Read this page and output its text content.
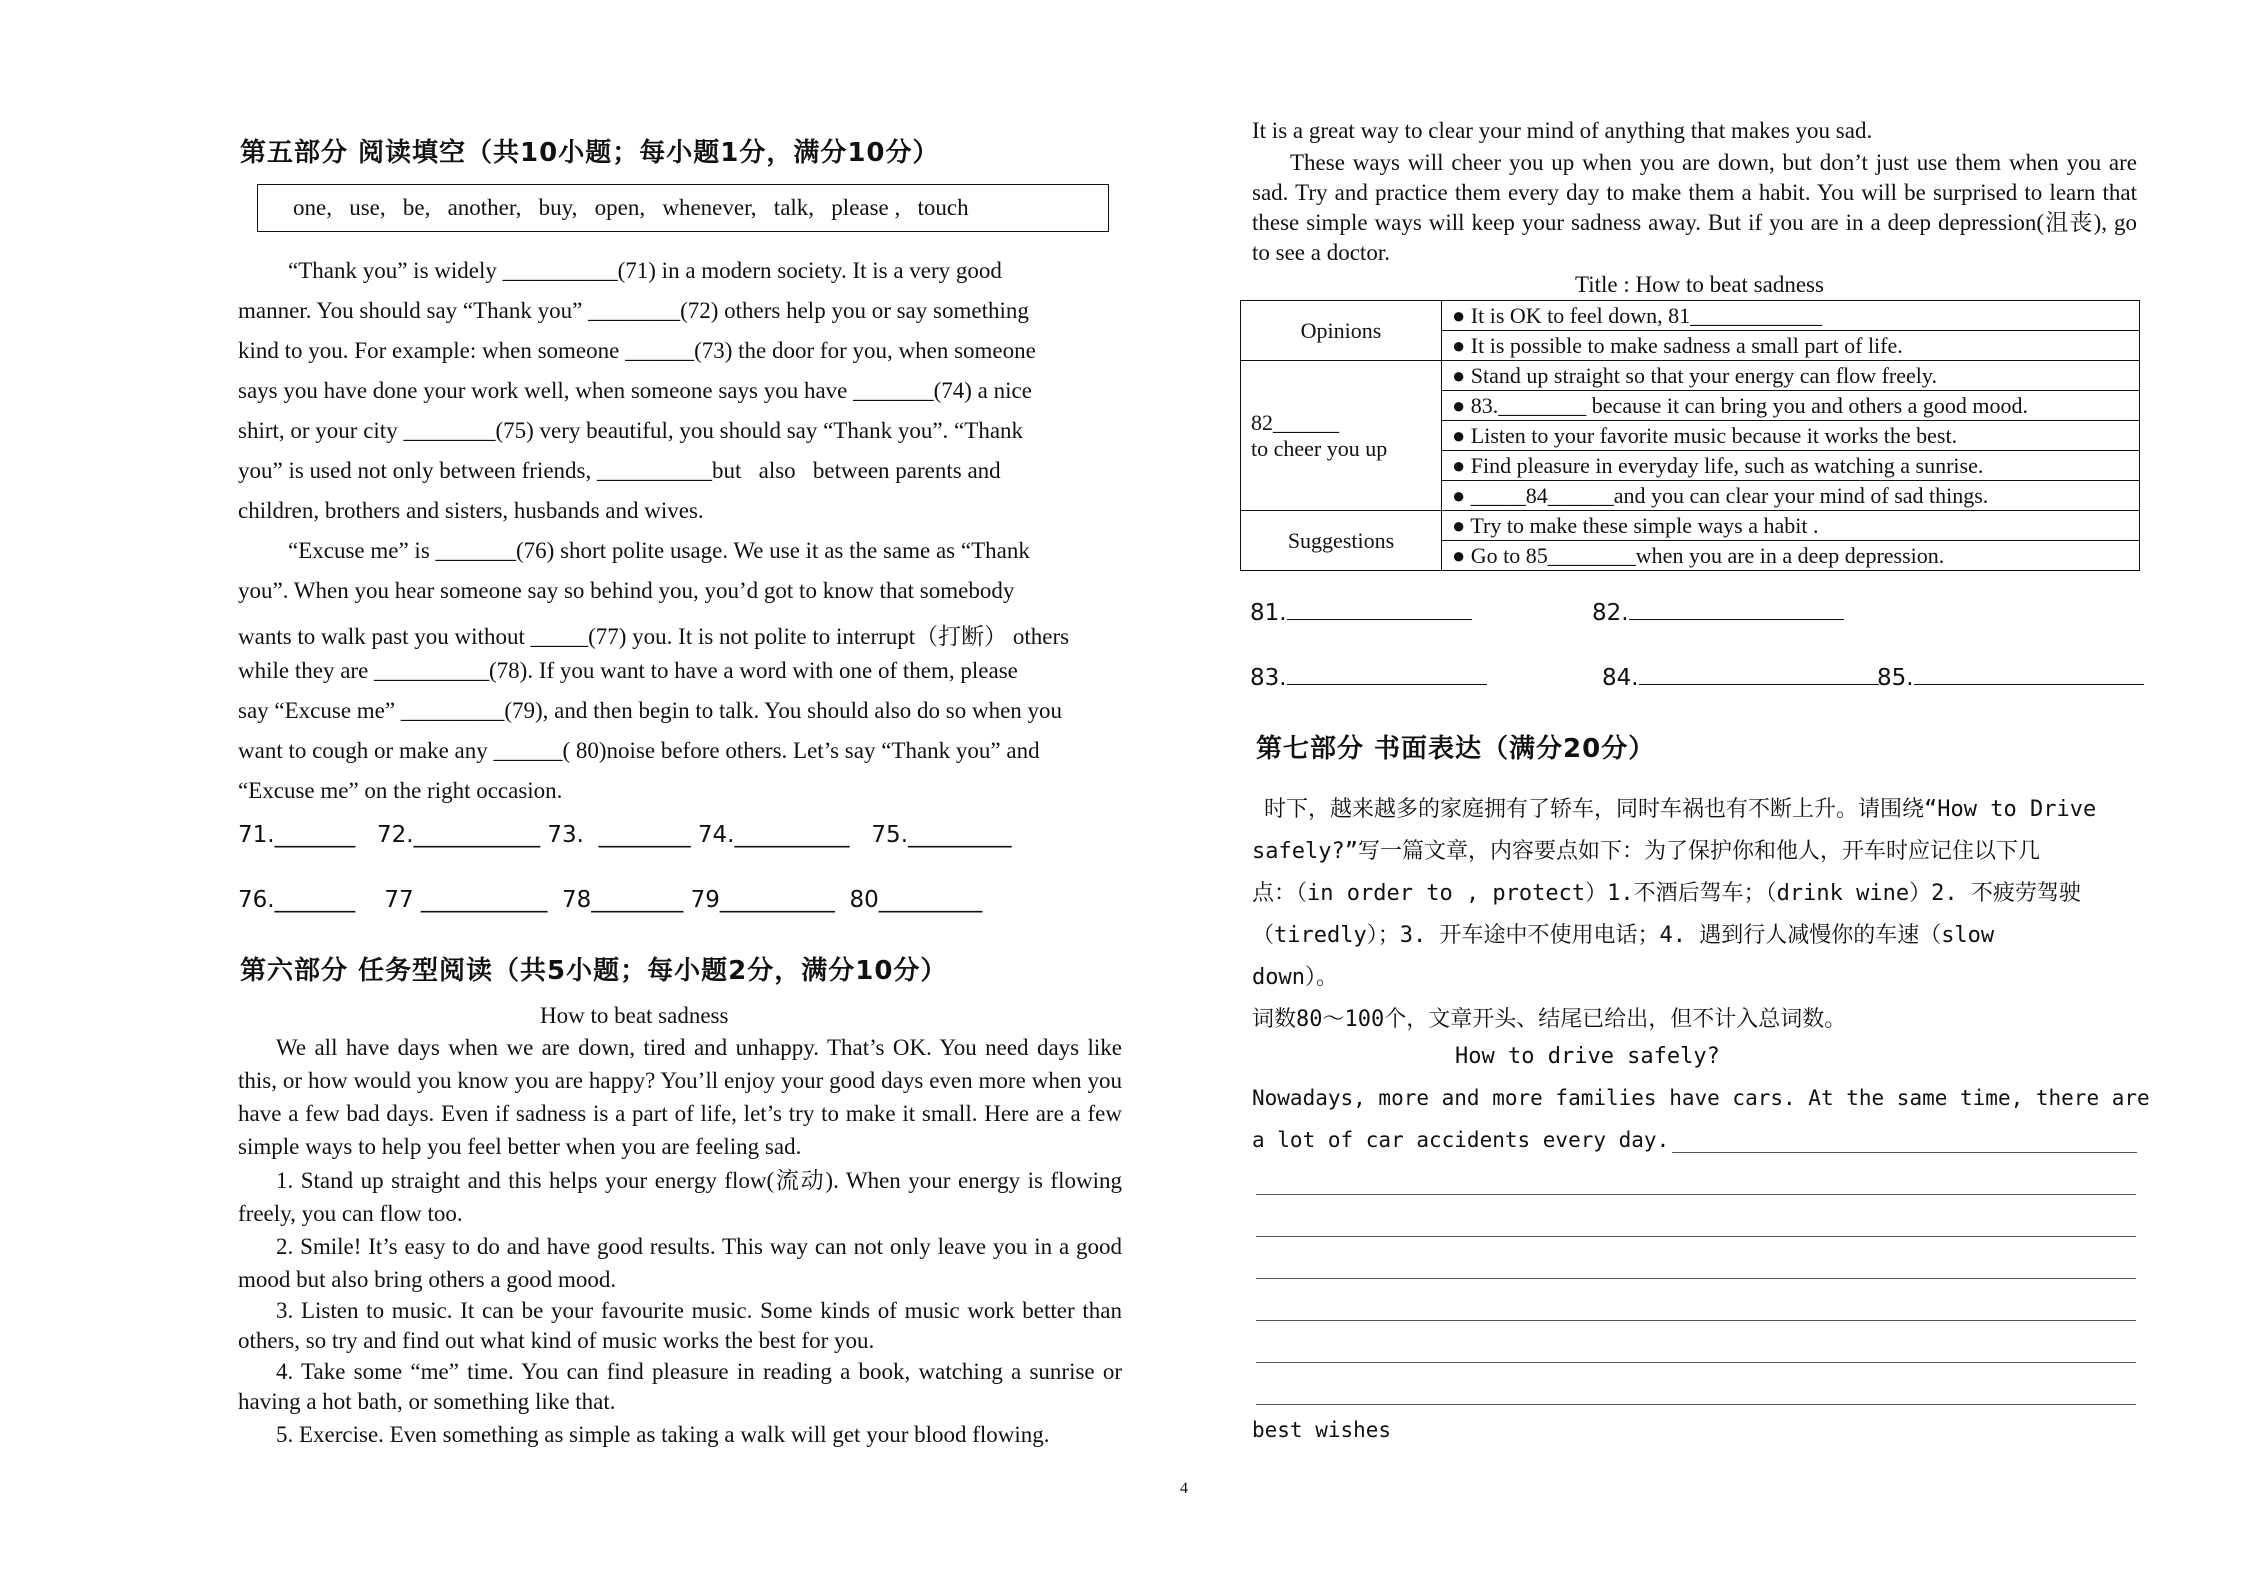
第五部分 阅读填空（共10小题；每小题1分，满分10分）
one,   use,   be,   another,   buy,   open,   whenever,   talk,   please ,   touch
“Thank you” is widely __________(71) in a modern society. It is a very good
manner. You should say “Thank you” ________(72) others help you or say something
kind to you. For example: when someone ______(73) the door for you, when someone
says you have done your work well, when someone says you have _______(74) a nice
shirt, or your city ________(75) very beautiful, you should say “Thank you”. “Thank
you” is used not only between friends, __________but   also   between parents and
children, brothers and sisters, husbands and wives.
“Excuse me” is _______(76) short polite usage. We use it as the same as “Thank
you”. When you hear someone say so behind you, you’d got to know that somebody
wants to walk past you without _____(77) you. It is not polite to interrupt（打断） others
while they are __________(78). If you want to have a word with one of them, please
say “Excuse me” _________(79), and then begin to talk. You should also do so when you
want to cough or make any ______( 80)noise before others. Let’s say “Thank you” and
“Excuse me” on the right occasion.
71._______   72.___________ 73.  ________ 74.__________   75._________
76._______    77 ___________  78________ 79__________  80_________
第六部分 任务型阅读（共5小题；每小题2分，满分10分）
How to beat sadness
We all have days when we are down, tired and unhappy. That’s OK. You need days like this, or how would you know you are happy? You’ll enjoy your good days even more when you have a few bad days. Even if sadness is a part of life, let’s try to make it small. Here are a few simple ways to help you feel better when you are feeling sad.
1. Stand up straight and this helps your energy flow(流动). When your energy is flowing freely, you can flow too.
2. Smile! It’s easy to do and have good results. This way can not only leave you in a good mood but also bring others a good mood.
3. Listen to music. It can be your favourite music. Some kinds of music work better than others, so try and find out what kind of music works the best for you.
4. Take some “me” time. You can find pleasure in reading a book, watching a sunrise or having a hot bath, or something like that.
5. Exercise. Even something as simple as taking a walk will get your blood flowing.
It is a great way to clear your mind of anything that makes you sad.
These ways will cheer you up when you are down, but don’t just use them when you are sad. Try and practice them every day to make them a habit. You will be surprised to learn that these simple ways will keep your sadness away. But if you are in a deep depression(沮丧), go to see a doctor.
Title : How to beat sadness
Opinions	● It is OK to feel down, 81____________
	● It is possible to make sadness a small part of life.

82______
to cheer you up	● Stand up straight so that your energy can flow freely.
	● 83.________ because it can bring you and others a good mood.
	● Listen to your favorite music because it works the best.
	● Find pleasure in everyday life, such as watching a sunrise.
	● _____84______and you can clear your mind of sad things.
Suggestions	● Try to make these simple ways a habit .
	● Go to 85________when you are in a deep depression.
81.	82.
83.	84.	85.
第七部分 书面表达（满分20分）
时下，越来越多的家庭拥有了轿车，同时车祸也有不断上升。请围绕“How to Drive
safely?”写一篇文章，内容要点如下：为了保护你和他人，开车时应记住以下几
点：（in order to , protect）1.不酒后驾车；（drink wine）2. 不疲劳驾驶
（tiredly）；3. 开车途中不使用电话；4. 遇到行人减慢你的车速（slow
down）。
词数80～100个，文章开头、结尾已给出，但不计入总词数。
How to drive safely?
Nowadays, more and more families have cars. At the same time, there are
a lot of car accidents every day.
best wishes
4
